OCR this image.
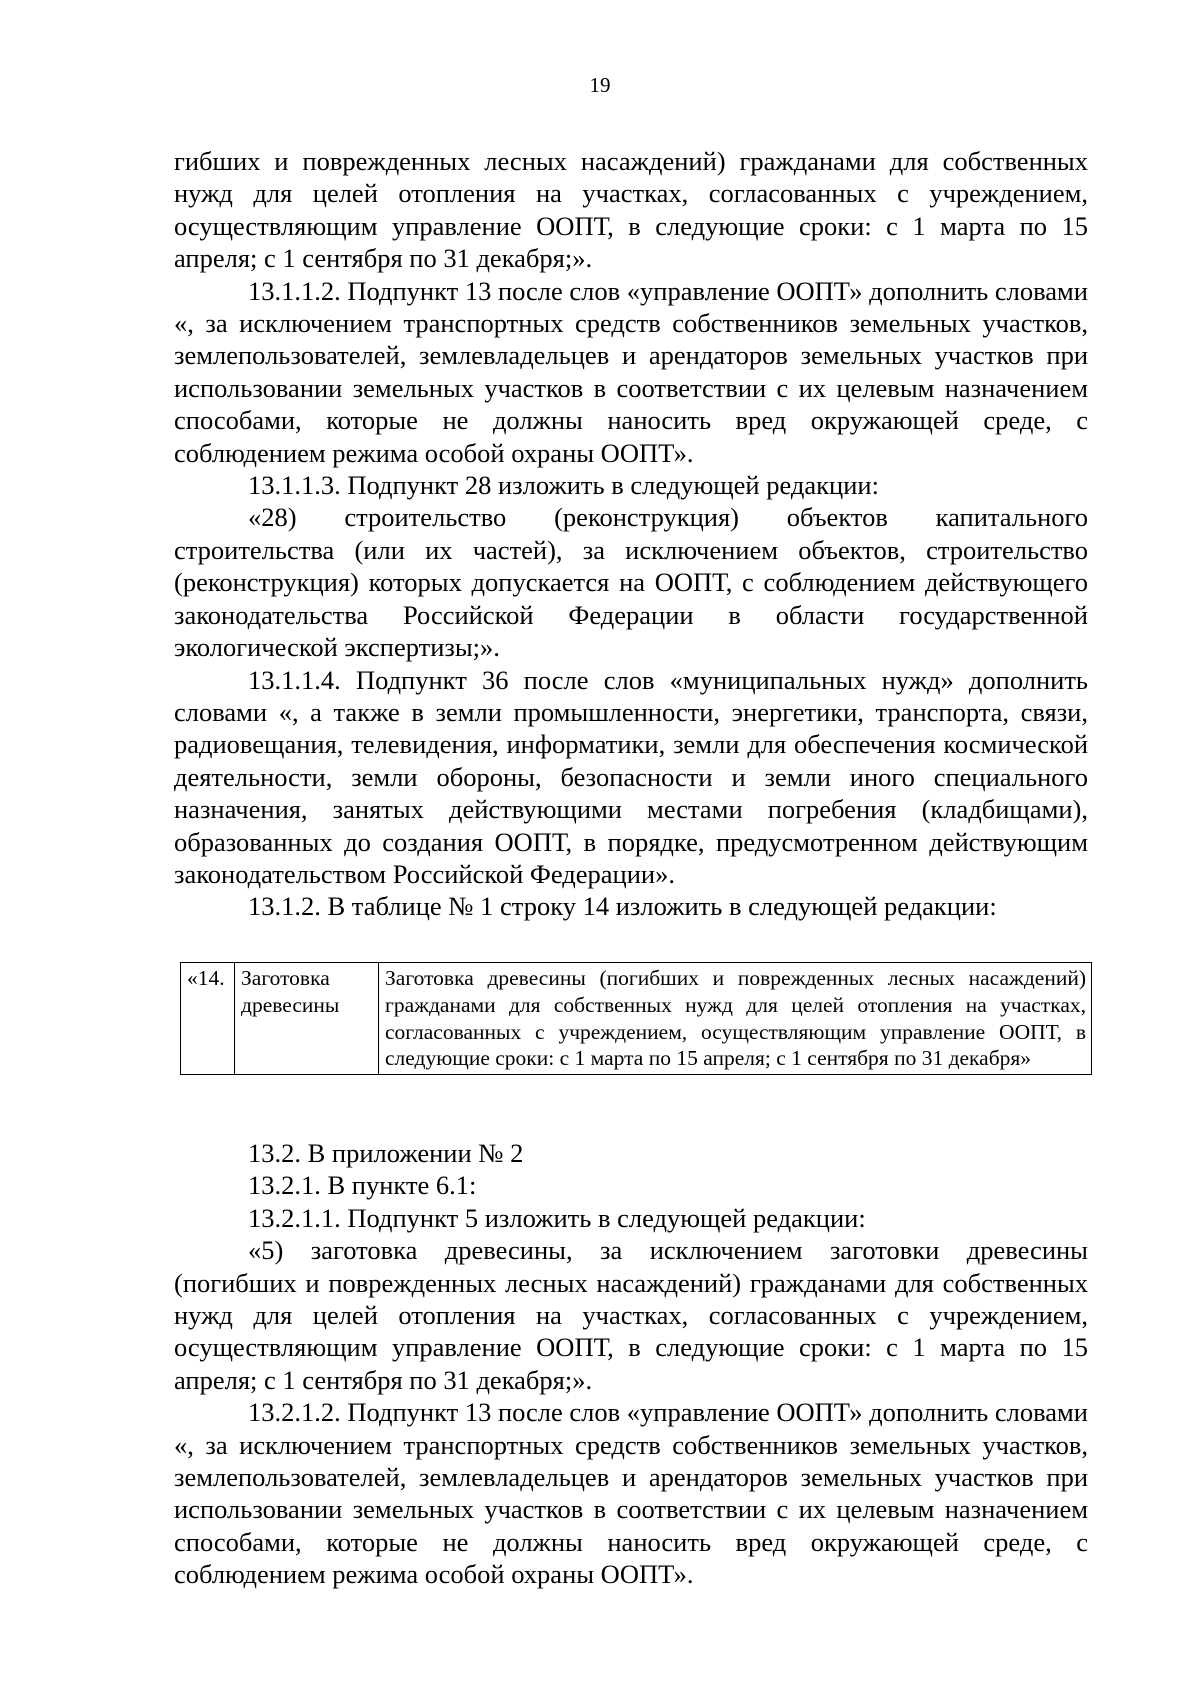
19

гибших и поврежденных лесных насаждений) гражданами для собственных нужд для целей отопления на участках, согласованных с учреждением, осуществляющим управление ООПТ, в следующие сроки: с 1 марта по 15 апреля; с 1 сентября по 31 декабря;».

13.1.1.2. Подпункт 13 после слов «управление ООПТ» дополнить словами «, за исключением транспортных средств собственников земельных участков, землепользователей, землевладельцев и арендаторов земельных участков при использовании земельных участков в соответствии с их целевым назначением способами, которые не должны наносить вред окружающей среде, с соблюдением режима особой охраны ООПТ».

13.1.1.3. Подпункт 28 изложить в следующей редакции:

«28) строительство (реконструкция) объектов капитального строительства (или их частей), за исключением объектов, строительство (реконструкция) которых допускается на ООПТ, с соблюдением действующего законодательства Российской Федерации в области государственной экологической экспертизы;».

13.1.1.4. Подпункт 36 после слов «муниципальных нужд» дополнить словами «, а также в земли промышленности, энергетики, транспорта, связи, радиовещания, телевидения, информатики, земли для обеспечения космической деятельности, земли обороны, безопасности и земли иного специального назначения, занятых действующими местами погребения (кладбищами), образованных до создания ООПТ, в порядке, предусмотренном действующим законодательством Российской Федерации».

13.1.2. В таблице № 1 строку 14 изложить в следующей редакции:

«14.	Заготовка древесины	Заготовка древесины (погибших и поврежденных лесных насаждений) гражданами для собственных нужд для целей отопления на участках, согласованных с учреждением, осуществляющим управление ООПТ, в следующие сроки: с 1 марта по 15 апреля; с 1 сентября по 31 декабря»

13.2. В приложении № 2

13.2.1. В пункте 6.1:

13.2.1.1. Подпункт 5 изложить в следующей редакции:

«5) заготовка древесины, за исключением заготовки древесины (погибших и поврежденных лесных насаждений) гражданами для собственных нужд для целей отопления на участках, согласованных с учреждением, осуществляющим управление ООПТ, в следующие сроки: с 1 марта по 15 апреля; с 1 сентября по 31 декабря;».

13.2.1.2. Подпункт 13 после слов «управление ООПТ» дополнить словами «, за исключением транспортных средств собственников земельных участков, землепользователей, землевладельцев и арендаторов земельных участков при использовании земельных участков в соответствии с их целевым назначением способами, которые не должны наносить вред окружающей среде, с соблюдением режима особой охраны ООПТ».
